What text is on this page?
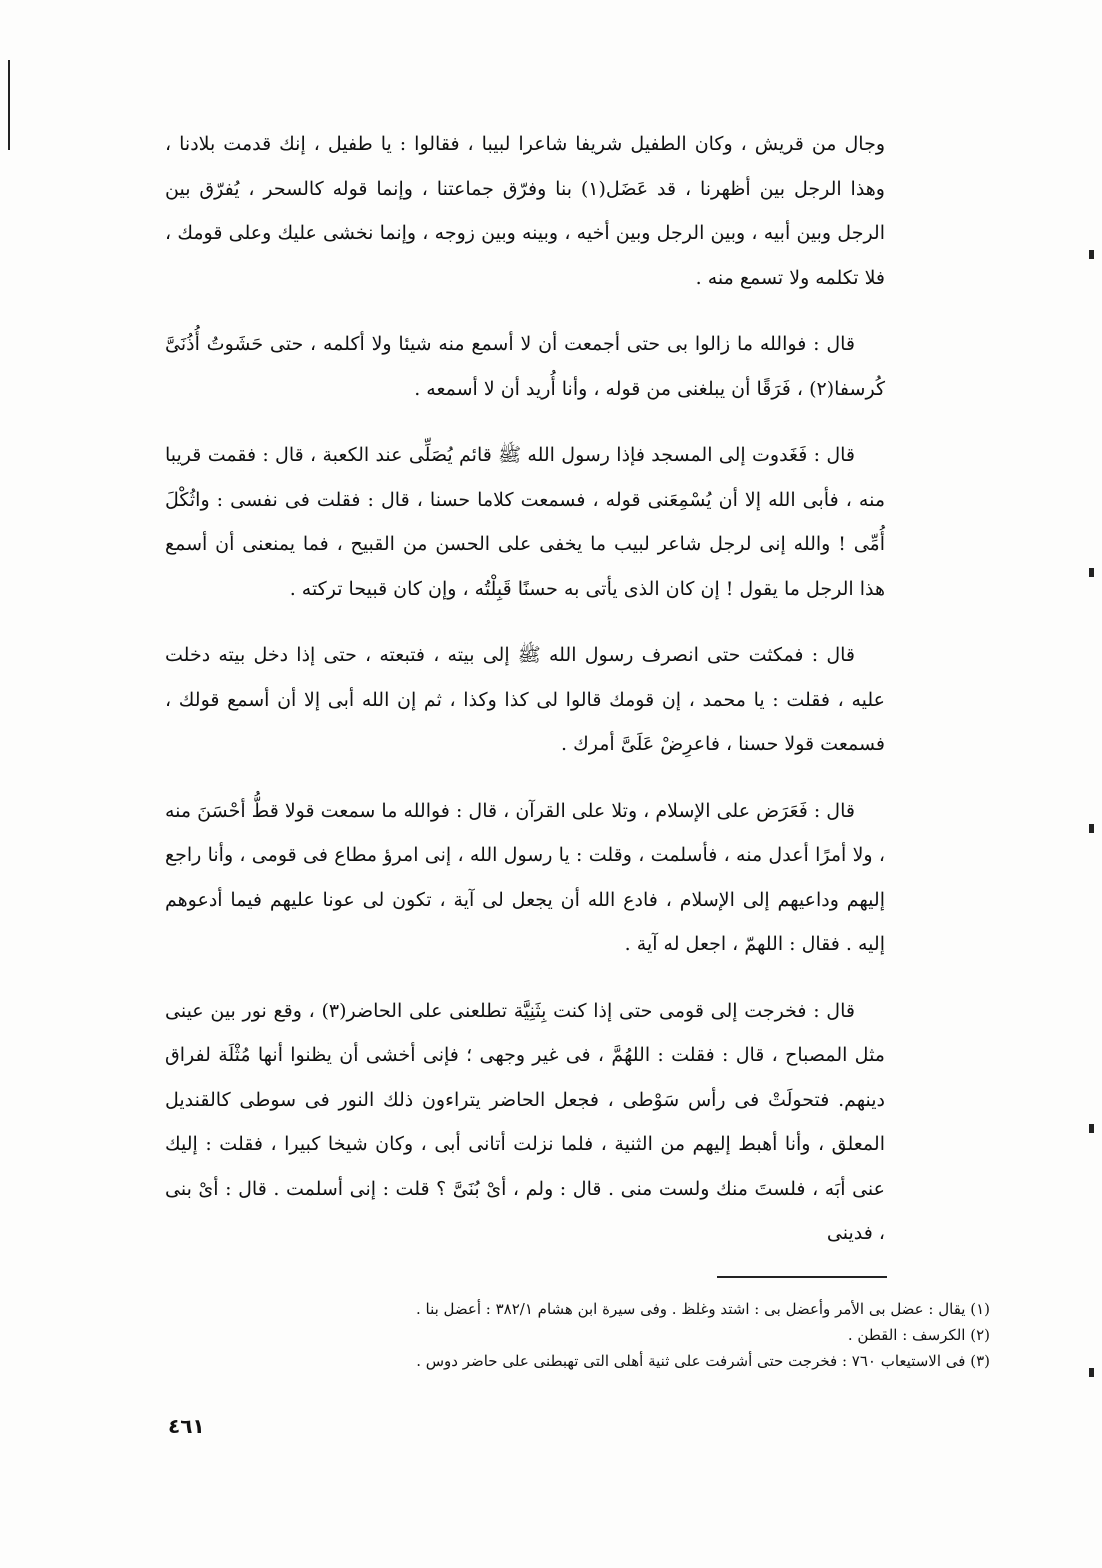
وجال من قريش ، وكان الطفيل شريفا شاعرا لبيبا ، فقالوا : يا طفيل ، إنك قدمت بلادنا ، وهذا الرجل بين أظهرنا ، قد عَضَل(١) بنا وفرّق جماعتنا ، وإنما قوله كالسحر ، يُفرّق بين الرجل وبين أبيه ، وبين الرجل وبين أخيه ، وبينه وبين زوجه ، وإنما نخشى عليك وعلى قومك ، فلا تكلمه ولا تسمع منه .

قال : فوالله ما زالوا بى حتى أجمعت أن لا أسمع منه شيئا ولا أكلمه ، حتى حَشَوتُ أُذُنَىَّ كُرسفا(٢) ، فَرَقًا أن يبلغنى من قوله ، وأنا أُريد أن لا أسمعه .

قال : فَغَدوت إلى المسجد فإذا رسول الله ﷺ قائم يُصَلِّى عند الكعبة ، قال : فقمت قريبا منه ، فأبى الله إلا أن يُسْمِعَنى قوله ، فسمعت كلاما حسنا ، قال : فقلت فى نفسى : واثُكْلَ أُمِّى ! والله إنى لرجل شاعر لبيب ما يخفى على الحسن من القبيح ، فما يمنعنى أن أسمع هذا الرجل ما يقول ! إن كان الذى يأتى به حسنًا قَبِلْتُه ، وإن كان قبيحا تركته .

قال : فمكثت حتى انصرف رسول الله ﷺ إلى بيته ، فتبعته ، حتى إذا دخل بيته دخلت عليه ، فقلت : يا محمد ، إن قومك قالوا لى كذا وكذا ، ثم إن الله أبى إلا أن أسمع قولك ، فسمعت قولا حسنا ، فاعرِضْ عَلَىَّ أمرك .

قال : فَعَرَض على الإسلام ، وتلا على القرآن ، قال : فوالله ما سمعت قولا قطُّ أحْسَنَ منه ، ولا أمرًا أعدل منه ، فأسلمت ، وقلت : يا رسول الله ، إنى امرؤ مطاع فى قومى ، وأنا راجع إليهم وداعيهم إلى الإسلام ، فادع الله أن يجعل لى آية ، تكون لى عونا عليهم فيما أدعوهم إليه . فقال : اللهمّ ، اجعل له آية .

قال : فخرجت إلى قومى حتى إذا كنت بِثَنِيَّة تطلعنى على الحاضر(٣) ، وقع نور بين عينى مثل المصباح ، قال : فقلت : اللهُمَّ ، فى غير وجهى ؛ فإنى أخشى أن يظنوا أنها مُثْلَة لفراق دينهم. فتحولَتْ فى رأس سَوْطى ، فجعل الحاضر يتراءون ذلك النور فى سوطى كالقنديل المعلق ، وأنا أهبط إليهم من الثنية ، فلما نزلت أتانى أبى ، وكان شيخا كبيرا ، فقلت : إليك عنى أبَه ، فلستَ منك ولست منى . قال : ولم ، أىْ بُنَىَّ ؟ قلت : إنى أسلمت . قال : أىْ بنى ، فدينى

(١) يقال : عضل بى الأمر وأعضل بى : اشتد وغلظ . وفى سيرة ابن هشام ٣٨٢/١ : أعضل بنا .

(٢) الكرسف : القطن .

(٣) فى الاستيعاب ٧٦٠ : فخرجت حتى أشرفت على ثنية أهلى التى تهبطنى على حاضر دوس .

٤٦١
